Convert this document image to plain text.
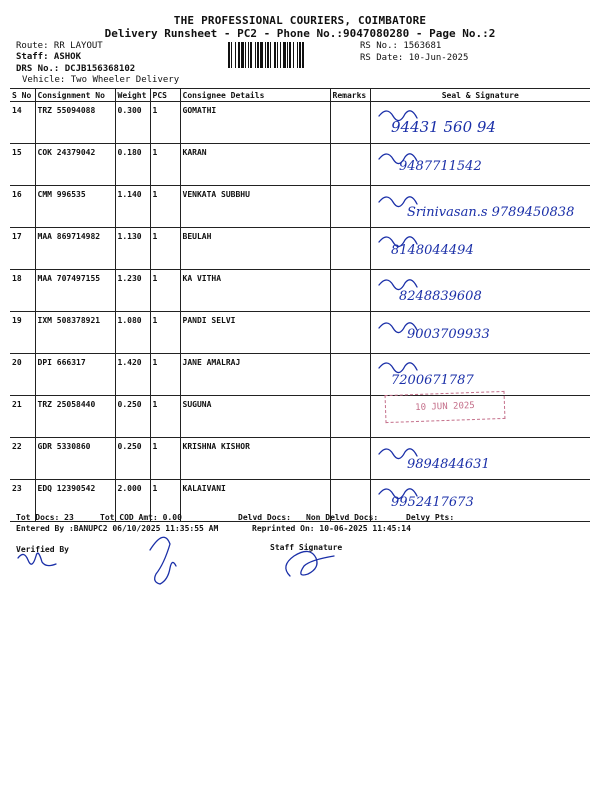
THE PROFESSIONAL COURIERS, COIMBATORE
Delivery Runsheet - PC2 - Phone No.:9047080280 - Page No.:2
Route: RR LAYOUT
Staff: ASHOK
DRS No.: DCJB156368102
Vehicle: Two Wheeler Delivery
RS No.: 1563681
RS Date: 10-Jun-2025
S No	Consignment No	Weight	PCS	Consignee Details	Remarks	Seal & Signature
14	TRZ 55094088	0.300	1	GOMATHI		94431 560 94

15	COK 24379042	0.180	1	KARAN		9487711542

16	CMM 996535	1.140	1	VENKATA SUBBHU		Srinivasan.s 9789450838

17	MAA 869714982	1.130	1	BEULAH		8148044494

18	MAA 707497155	1.230	1	KA VITHA		8248839608

19	IXM 508378921	1.080	1	PANDI SELVI		9003709933

20	DPI 666317	1.420	1	JANE AMALRAJ		7200671787

21	TRZ 25058440	0.250	1	SUGUNA		
22	GDR 5330860	0.250	1	KRISHNA KISHOR		9894844631

23	EDQ 12390542	2.000	1	KALAIVANI		9952417673
10 JUN 2025
Tot Docs: 23	Tot COD Amt: 0.00	Delvd Docs: Non Delvd Docs:	Delvy Pts:
Entered By :BANUPC2 06/10/2025 11:35:55 AM	Reprinted On: 10-06-2025 11:45:14
Verified By	Staff Signature
